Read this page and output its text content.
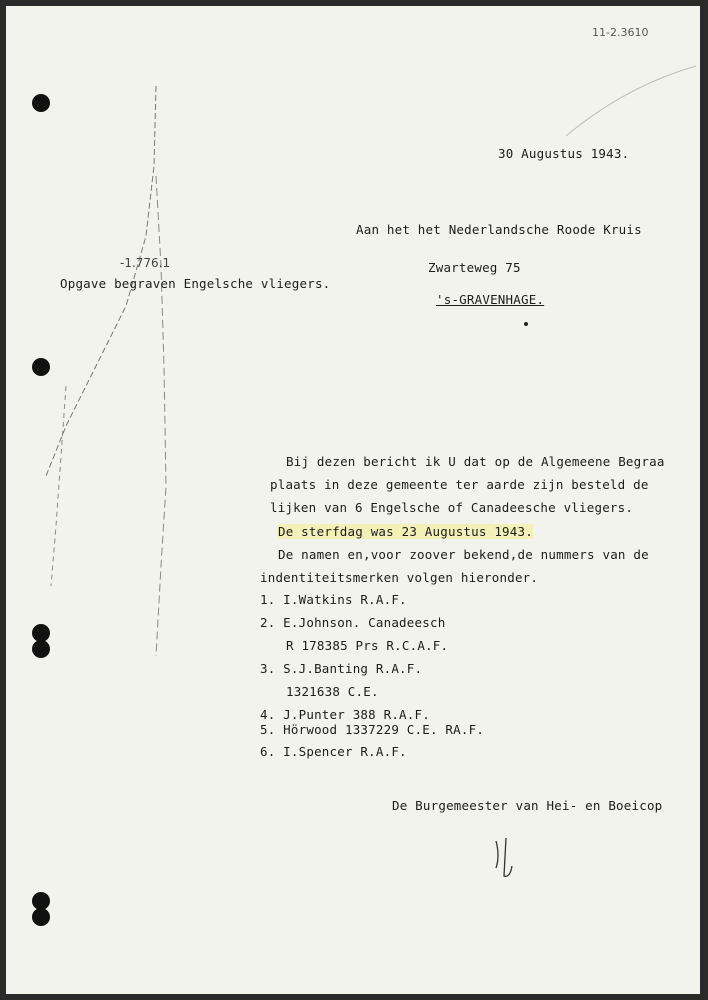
11-2.3610
30 Augustus 1943.
Aan het het Nederlandsche Roode Kruis
Zwarteweg 75
's-GRAVENHAGE.
-1.776.1
Opgave begraven Engelsche vliegers.
Bij dezen bericht ik U dat op de Algemeene Begraa
plaats in deze gemeente ter aarde zijn besteld de
lijken van 6 Engelsche of Canadeesche vliegers.
De sterfdag was 23 Augustus 1943.
De namen en,voor zoover bekend,de nummers van de
indentiteitsmerken volgen hieronder.
1. I.Watkins R.A.F.
2. E.Johnson. Canadeesch
R 178385 Prs R.C.A.F.
3. S.J.Banting R.A.F.
1321638 C.E.
4. J.Punter 388 R.A.F.
5. Hörwood 1337229 C.E. RA.F.
6. I.Spencer R.A.F.
De Burgemeester van Hei- en Boeicop
